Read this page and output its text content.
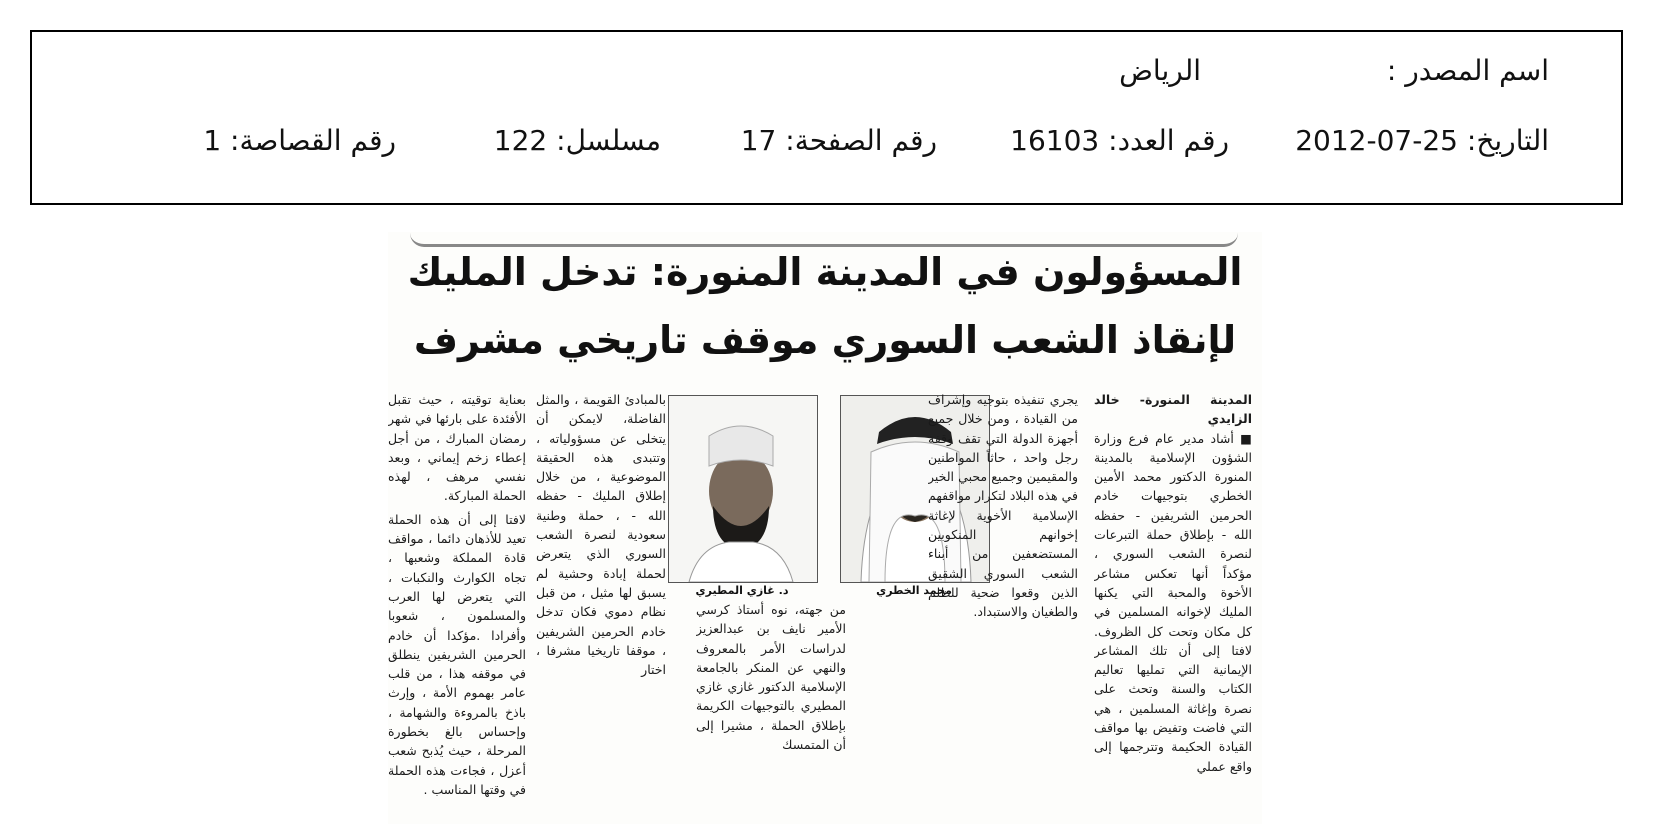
اسم المصدر :
الرياض
التاريخ: 25-07-2012
رقم العدد: 16103
رقم الصفحة: 17
مسلسل: 122
رقم القصاصة: 1
المسؤولون في المدينة المنورة: تدخل المليك
لإنقاذ الشعب السوري موقف تاريخي مشرف

المدينة المنورة- خالد الزايدي

■ أشاد مدير عام فرع وزارة الشؤون الإسلامية بالمدينة المنورة الدكتور محمد الأمين الخطري بتوجيهات خادم الحرمين الشريفين - حفظه الله - بإطلاق حملة التبرعات لنصرة الشعب السوري ، مؤكداً أنها تعكس مشاعر الأخوة والمحبة التي يكنها المليك لإخوانه المسلمين في كل مكان وتحت كل الظروف. لافتا إلى أن تلك المشاعر الإيمانية التي تمليها تعاليم الكتاب والسنة وتحث على نصرة وإغاثة المسلمين ، هي التي فاضت وتفيض بها مواقف القيادة الحكيمة وتترجمها إلى واقع عملي

محمد الخطري

يجري تنفيذه بتوجيه وإشراف من القيادة ، ومن خلال جميع أجهزة الدولة التي تقف وقفة رجل واحد ، حاثاً المواطنين والمقيمين وجميع محبي الخير في هذه البلاد لتكرار مواقفهم الإسلامية الأخوية لإغاثة إخوانهم المنكوبين المستضعفين من أبناء الشعب السوري الشقيق الذين وقعوا ضحية للظلم والطغيان والاستبداد.

د. غازي المطيري

من جهته، نوه أستاذ كرسي الأمير نايف بن عبدالعزيز لدراسات الأمر بالمعروف والنهي عن المنكر بالجامعة الإسلامية الدكتور غازي غازي المطيري بالتوجيهات الكريمة بإطلاق الحملة ، مشيرا إلى أن المتمسك

بالمبادئ القويمة ، والمثل الفاضلة، لايمكن أن يتخلى عن مسؤولياته ، وتتبدى هذه الحقيقة الموضوعية ، من خلال إطلاق المليك - حفظه الله - ، حملة وطنية سعودية لنصرة الشعب السوري الذي يتعرض لحملة إبادة وحشية لم يسبق لها مثيل ، من قبل نظام دموي فكان تدخل خادم الحرمين الشريفين ، موقفا تاريخيا مشرفا ، اختار

بعناية توقيته ، حيث تقبل الأفئدة على بارئها في شهر رمضان المبارك ، من أجل إعطاء زخم إيماني ، وبعد نفسي مرهف ، لهذه الحملة المباركة.

لافتا إلى أن هذه الحملة تعيد للأذهان دائما ، مواقف قادة المملكة وشعبها ، تجاه الكوارث والنكبات ، التي يتعرض لها العرب والمسلمون ، شعوبا وأفرادا .مؤكدا أن خادم الحرمين الشريفين ينطلق في موقفه هذا ، من قلب عامر بهموم الأمة ، وإرث باذخ بالمروءة والشهامة ، وإحساس بالغ بخطورة المرحلة ، حيث يُذبح شعب أعزل ، فجاءت هذه الحملة في وقتها المناسب .
